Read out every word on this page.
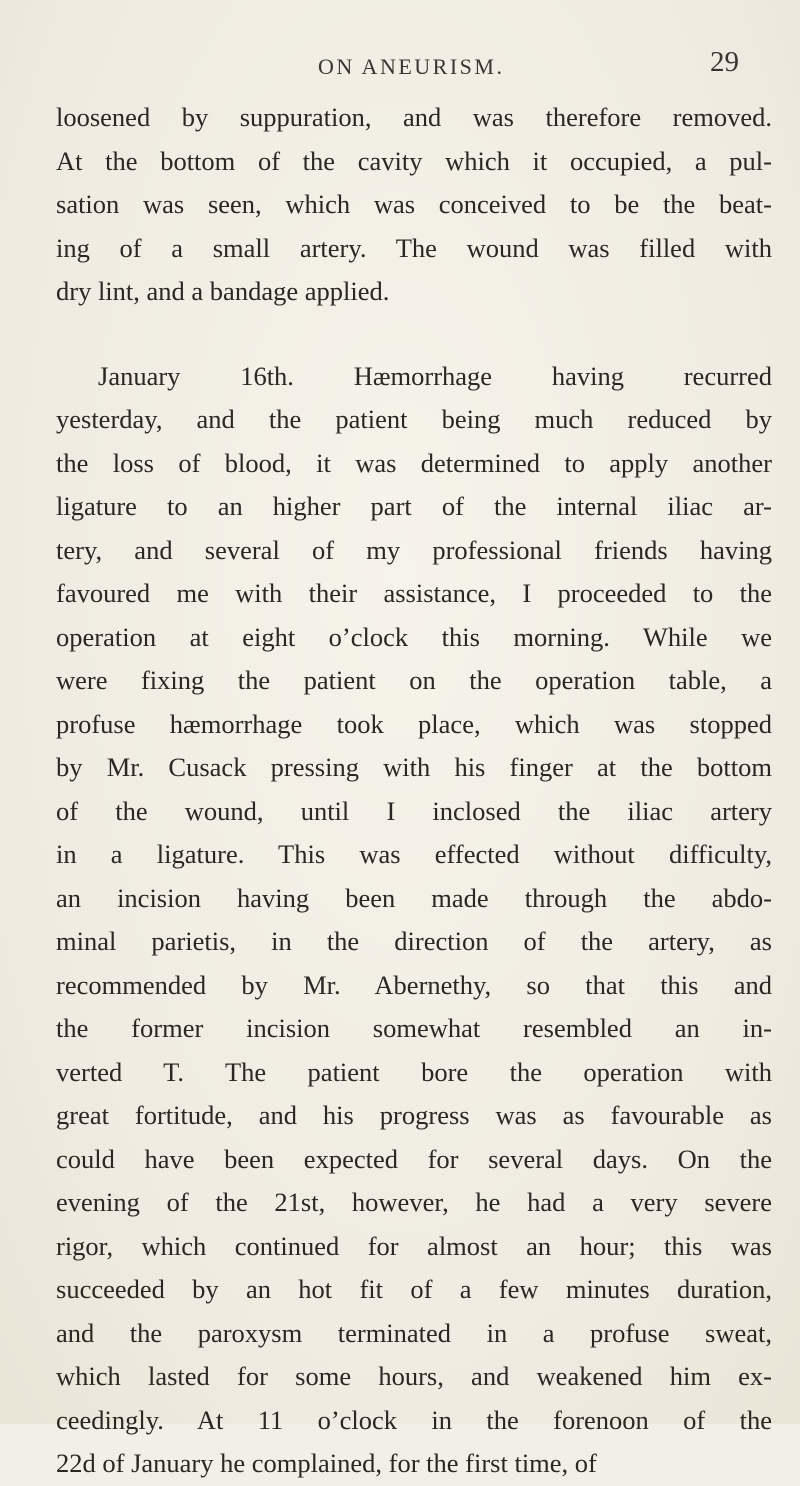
ON ANEURISM.	29
loosened by suppuration, and was therefore removed.
At the bottom of the cavity which it occupied, a pul-
sation was seen, which was conceived to be the beat-
ing of a small artery. The wound was filled with
dry lint, and a bandage applied.
January 16th. Hæmorrhage having recurred
yesterday, and the patient being much reduced by
the loss of blood, it was determined to apply another
ligature to an higher part of the internal iliac ar-
tery, and several of my professional friends having
favoured me with their assistance, I proceeded to the
operation at eight o’clock this morning. While we
were fixing the patient on the operation table, a
profuse hæmorrhage took place, which was stopped
by Mr. Cusack pressing with his finger at the bottom
of the wound, until I inclosed the iliac artery
in a ligature. This was effected without difficulty,
an incision having been made through the abdo-
minal parietis, in the direction of the artery, as
recommended by Mr. Abernethy, so that this and
the former incision somewhat resembled an in-
verted T. The patient bore the operation with
great fortitude, and his progress was as favourable as
could have been expected for several days. On the
evening of the 21st, however, he had a very severe
rigor, which continued for almost an hour; this was
succeeded by an hot fit of a few minutes duration,
and the paroxysm terminated in a profuse sweat,
which lasted for some hours, and weakened him ex-
ceedingly. At 11 o’clock in the forenoon of the
22d of January he complained, for the first time, of
